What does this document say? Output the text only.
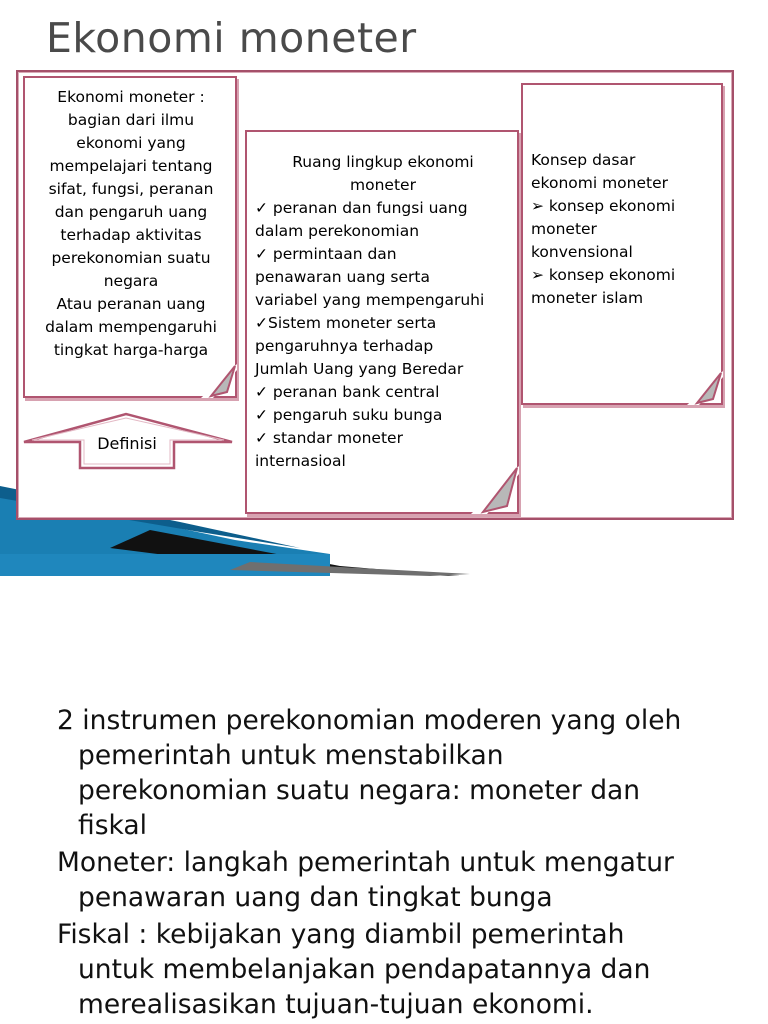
Ekonomi moneter
Ekonomi moneter :
bagian dari ilmu
ekonomi yang
mempelajari tentang
sifat, fungsi, peranan
dan pengaruh uang
terhadap aktivitas
perekonomian suatu
negara
Atau peranan uang
dalam mempengaruhi
tingkat harga-harga
Definisi
Ruang lingkup ekonomi
moneter
✓ peranan dan fungsi uang
dalam perekonomian
✓ permintaan dan
penawaran uang serta
variabel yang mempengaruhi
✓Sistem moneter serta
pengaruhnya terhadap
Jumlah Uang yang Beredar
✓ peranan bank central
✓ pengaruh suku bunga
✓ standar moneter
internasioal
Konsep dasar
ekonomi moneter
➢ konsep ekonomi
moneter
konvensional
➢ konsep ekonomi
moneter islam
2 instrumen perekonomian moderen yang oleh
pemerintah untuk menstabilkan
perekonomian suatu negara: moneter dan
fiskal
Moneter: langkah pemerintah untuk mengatur
penawaran uang dan tingkat bunga
Fiskal : kebijakan yang diambil pemerintah
untuk membelanjakan pendapatannya dan
merealisasikan tujuan-tujuan ekonomi.
